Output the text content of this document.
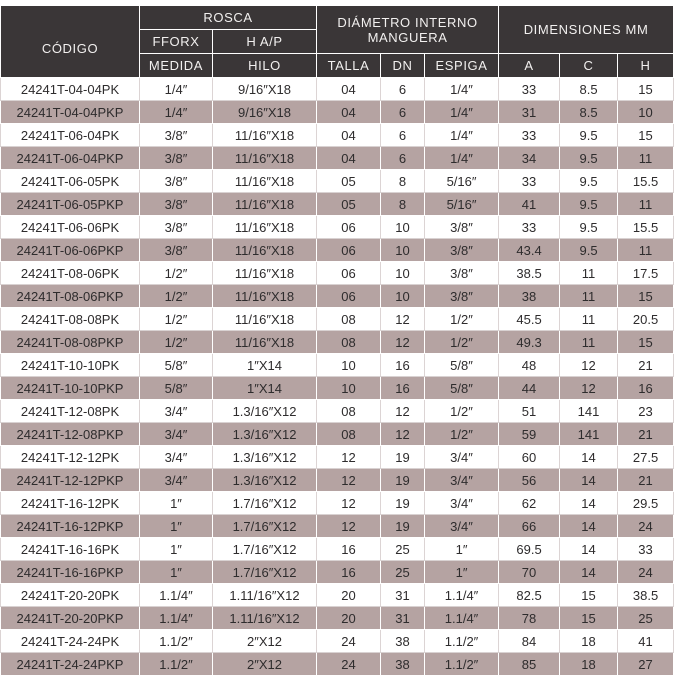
CÓDIGO	ROSCA		DIÁMETRO INTERNO MANGUERA			DIMENSIONES MM		
	FFORX	H A/P						
	MEDIDA	HILO	TALLA	DN	ESPIGA	A	C	H
24241T-04-04PK	1/4″	9/16″X18	04	6	1/4″	33	8.5	15
24241T-04-04PKP	1/4″	9/16″X18	04	6	1/4″	31	8.5	10
24241T-06-04PK	3/8″	11/16″X18	04	6	1/4″	33	9.5	15
24241T-06-04PKP	3/8″	11/16″X18	04	6	1/4″	34	9.5	11
24241T-06-05PK	3/8″	11/16″X18	05	8	5/16″	33	9.5	15.5
24241T-06-05PKP	3/8″	11/16″X18	05	8	5/16″	41	9.5	11
24241T-06-06PK	3/8″	11/16″X18	06	10	3/8″	33	9.5	15.5
24241T-06-06PKP	3/8″	11/16″X18	06	10	3/8″	43.4	9.5	11
24241T-08-06PK	1/2″	11/16″X18	06	10	3/8″	38.5	11	17.5
24241T-08-06PKP	1/2″	11/16″X18	06	10	3/8″	38	11	15
24241T-08-08PK	1/2″	11/16″X18	08	12	1/2″	45.5	11	20.5
24241T-08-08PKP	1/2″	11/16″X18	08	12	1/2″	49.3	11	15
24241T-10-10PK	5/8″	1″X14	10	16	5/8″	48	12	21
24241T-10-10PKP	5/8″	1″X14	10	16	5/8″	44	12	16
24241T-12-08PK	3/4″	1.3/16″X12	08	12	1/2″	51	141	23
24241T-12-08PKP	3/4″	1.3/16″X12	08	12	1/2″	59	141	21
24241T-12-12PK	3/4″	1.3/16″X12	12	19	3/4″	60	14	27.5
24241T-12-12PKP	3/4″	1.3/16″X12	12	19	3/4″	56	14	21
24241T-16-12PK	1″	1.7/16″X12	12	19	3/4″	62	14	29.5
24241T-16-12PKP	1″	1.7/16″X12	12	19	3/4″	66	14	24
24241T-16-16PK	1″	1.7/16″X12	16	25	1″	69.5	14	33
24241T-16-16PKP	1″	1.7/16″X12	16	25	1″	70	14	24
24241T-20-20PK	1.1/4″	1.11/16″X12	20	31	1.1/4″	82.5	15	38.5
24241T-20-20PKP	1.1/4″	1.11/16″X12	20	31	1.1/4″	78	15	25
24241T-24-24PK	1.1/2″	2″X12	24	38	1.1/2″	84	18	41
24241T-24-24PKP	1.1/2″	2″X12	24	38	1.1/2″	85	18	27
